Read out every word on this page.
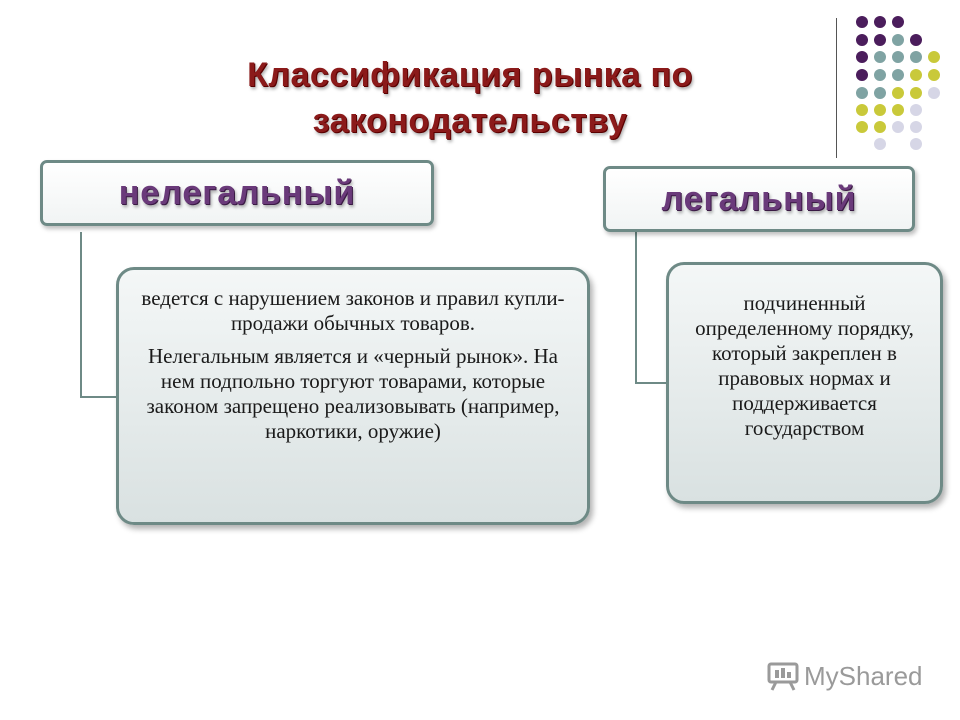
Классификация рынка по
законодательству
нелегальный	легальный

ведется с нарушением законов и правил купли-продажи обычных товаров.

Нелегальным является и «черный рынок». На нем подпольно торгуют товарами, которые законом запрещено реализовывать (например, наркотики, оружие)

подчиненный определенному порядку, который закреплен в правовых нормах и поддерживается государством

MyShared
